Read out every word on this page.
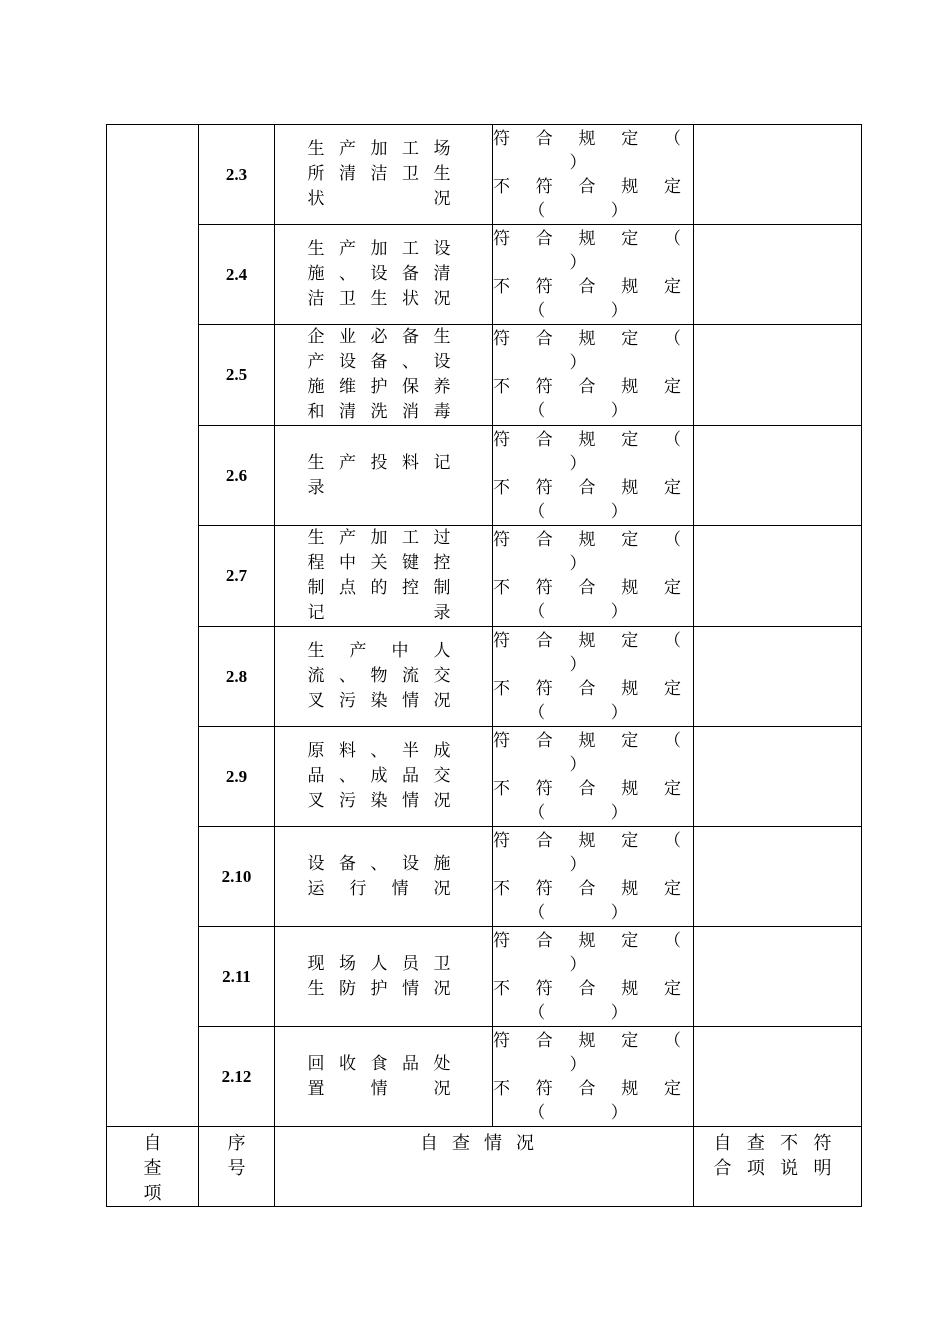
	2.3	生产加工场所清洁卫生状况	符合规定（
）
不符合规定
（ ）	

	2.4	生产加工设施、设备清洁卫生状况	符合规定（
）
不符合规定
（ ）	

	2.5	企业必备生产设备、设施维护保养和清洗消毒	符合规定（
）
不符合规定
（ ）	

	2.6	生产投料记录	符合规定（
）
不符合规定
（ ）	

	2.7	生产加工过程中关键控制点的控制记录	符合规定（
）
不符合规定
（ ）	

	2.8	生产中人流、物流交叉污染情况	符合规定（
）
不符合规定
（ ）	

	2.9	原料、半成品、成品交叉污染情况	符合规定（
）
不符合规定
（ ）	

	2.10	设备、设施运行情况	符合规定（
）
不符合规定
（ ）	

	2.11	现场人员卫生防护情况	符合规定（
）
不符合规定
（ ）	

	2.12	回收食品处置情况	符合规定（
）
不符合规定
（ ）	

自查项	序号	自查情况		自查不符合项说明
